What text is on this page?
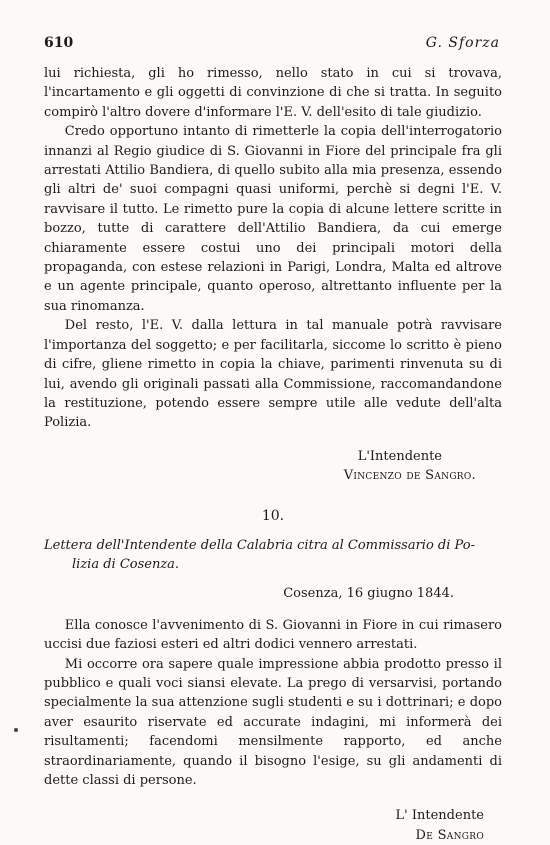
610	G. Sforza

lui richiesta, gli ho rimesso, nello stato in cui si trovava, l'incartamento e gli oggetti di convinzione di che si tratta. In seguito compirò l'altro dovere d'informare l'E. V. dell'esito di tale giudizio.

Credo opportuno intanto di rimetterle la copia dell'interrogatorio innanzi al Regio giudice di S. Giovanni in Fiore del principale fra gli arrestati Attilio Bandiera, di quello subito alla mia presenza, essendo gli altri de' suoi compagni quasi uniformi, perchè si degni l'E. V. ravvisare il tutto. Le rimetto pure la copia di alcune lettere scritte in bozzo, tutte di carattere dell'Attilio Bandiera, da cui emerge chiaramente essere costui uno dei principali motori della propaganda, con estese relazioni in Parigi, Londra, Malta ed altrove e un agente principale, quanto operoso, altrettanto influente per la sua rinomanza.

Del resto, l'E. V. dalla lettura in tal manuale potrà ravvisare l'importanza del soggetto; e per facilitarla, siccome lo scritto è pieno di cifre, gliene rimetto in copia la chiave, parimenti rinvenuta su di lui, avendo gli originali passati alla Commissione, raccomandandone la restituzione, potendo essere sempre utile alle vedute dell'alta Polizia.

L'Intendente
Vincenzo de Sangro.
10.
Lettera dell'Intendente della Calabria citra al Commissario di Po-
lizia di Cosenza.
Cosenza, 16 giugno 1844.

Ella conosce l'avvenimento di S. Giovanni in Fiore in cui rimasero uccisi due faziosi esteri ed altri dodici vennero arrestati.

Mi occorre ora sapere quale impressione abbia prodotto presso il pubblico e quali voci siansi elevate. La prego di versarvisi, portando specialmente la sua attenzione sugli studenti e su i dottrinari; e dopo aver esaurito riservate ed accurate indagini, mi informerà dei risultamenti; facendomi mensilmente rapporto, ed anche straordinariamente, quando il bisogno l'esige, su gli andamenti di dette classi di persone.

L' Intendente
De Sangro
